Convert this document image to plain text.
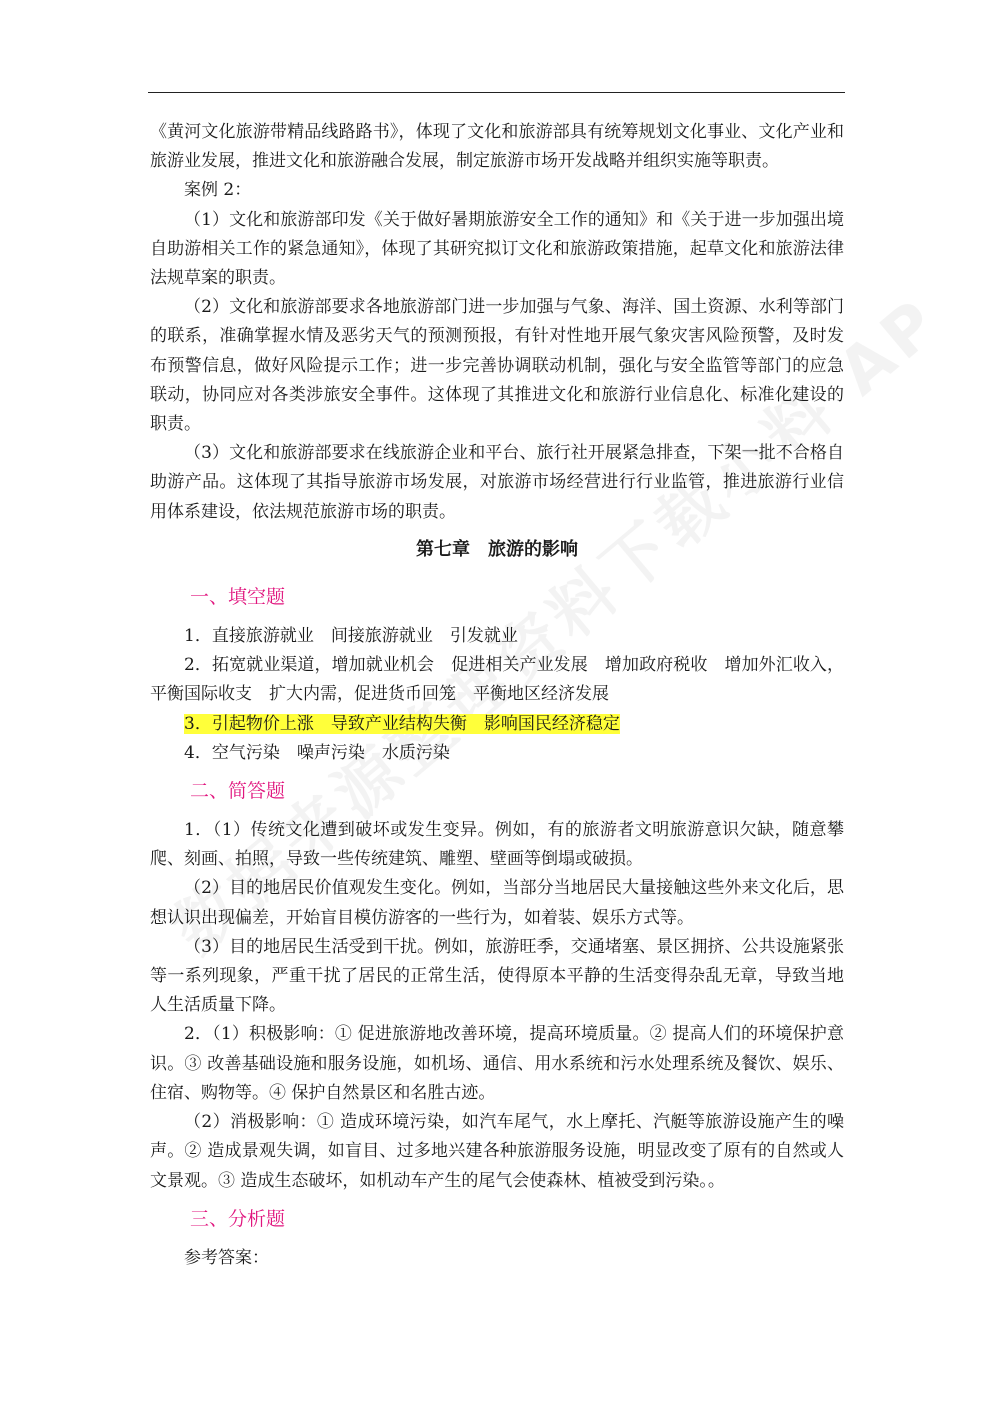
《黄河文化旅游带精品线路路书》，体现了文化和旅游部具有统筹规划文化事业、文化产业和旅游业发展，推进文化和旅游融合发展，制定旅游市场开发战略并组织实施等职责。

案例 2：

（1）文化和旅游部印发《关于做好暑期旅游安全工作的通知》和《关于进一步加强出境自助游相关工作的紧急通知》，体现了其研究拟订文化和旅游政策措施，起草文化和旅游法律法规草案的职责。

（2）文化和旅游部要求各地旅游部门进一步加强与气象、海洋、国土资源、水利等部门的联系，准确掌握水情及恶劣天气的预测预报，有针对性地开展气象灾害风险预警，及时发布预警信息，做好风险提示工作；进一步完善协调联动机制，强化与安全监管等部门的应急联动，协同应对各类涉旅安全事件。这体现了其推进文化和旅游行业信息化、标准化建设的职责。

（3）文化和旅游部要求在线旅游企业和平台、旅行社开展紧急排查，下架一批不合格自助游产品。这体现了其指导旅游市场发展，对旅游市场经营进行行业监管，推进旅游行业信用体系建设，依法规范旅游市场的职责。

第七章　旅游的影响

一、填空题

1．直接旅游就业　间接旅游就业　引发就业

2．拓宽就业渠道，增加就业机会　促进相关产业发展　增加政府税收　增加外汇收入，平衡国际收支　扩大内需，促进货币回笼　平衡地区经济发展

3．引起物价上涨　导致产业结构失衡　影响国民经济稳定

4．空气污染　噪声污染　水质污染

二、简答题

1．（1）传统文化遭到破坏或发生变异。例如，有的旅游者文明旅游意识欠缺，随意攀爬、刻画、拍照，导致一些传统建筑、雕塑、壁画等倒塌或破损。

（2）目的地居民价值观发生变化。例如，当部分当地居民大量接触这些外来文化后，思想认识出现偏差，开始盲目模仿游客的一些行为，如着装、娱乐方式等。

（3）目的地居民生活受到干扰。例如，旅游旺季，交通堵塞、景区拥挤、公共设施紧张等一系列现象，严重干扰了居民的正常生活，使得原本平静的生活变得杂乱无章，导致当地人生活质量下降。

2．（1）积极影响：① 促进旅游地改善环境，提高环境质量。② 提高人们的环境保护意识。③ 改善基础设施和服务设施，如机场、通信、用水系统和污水处理系统及餐饮、娱乐、住宿、购物等。④ 保护自然景区和名胜古迹。

（2）消极影响：① 造成环境污染，如汽车尾气，水上摩托、汽艇等旅游设施产生的噪声。② 造成景观失调，如盲目、过多地兴建各种旅游服务设施，明显改变了原有的自然或人文景观。③ 造成生态破坏，如机动车产生的尾气会使森林、植被受到污染。。

三、分析题

参考答案：
